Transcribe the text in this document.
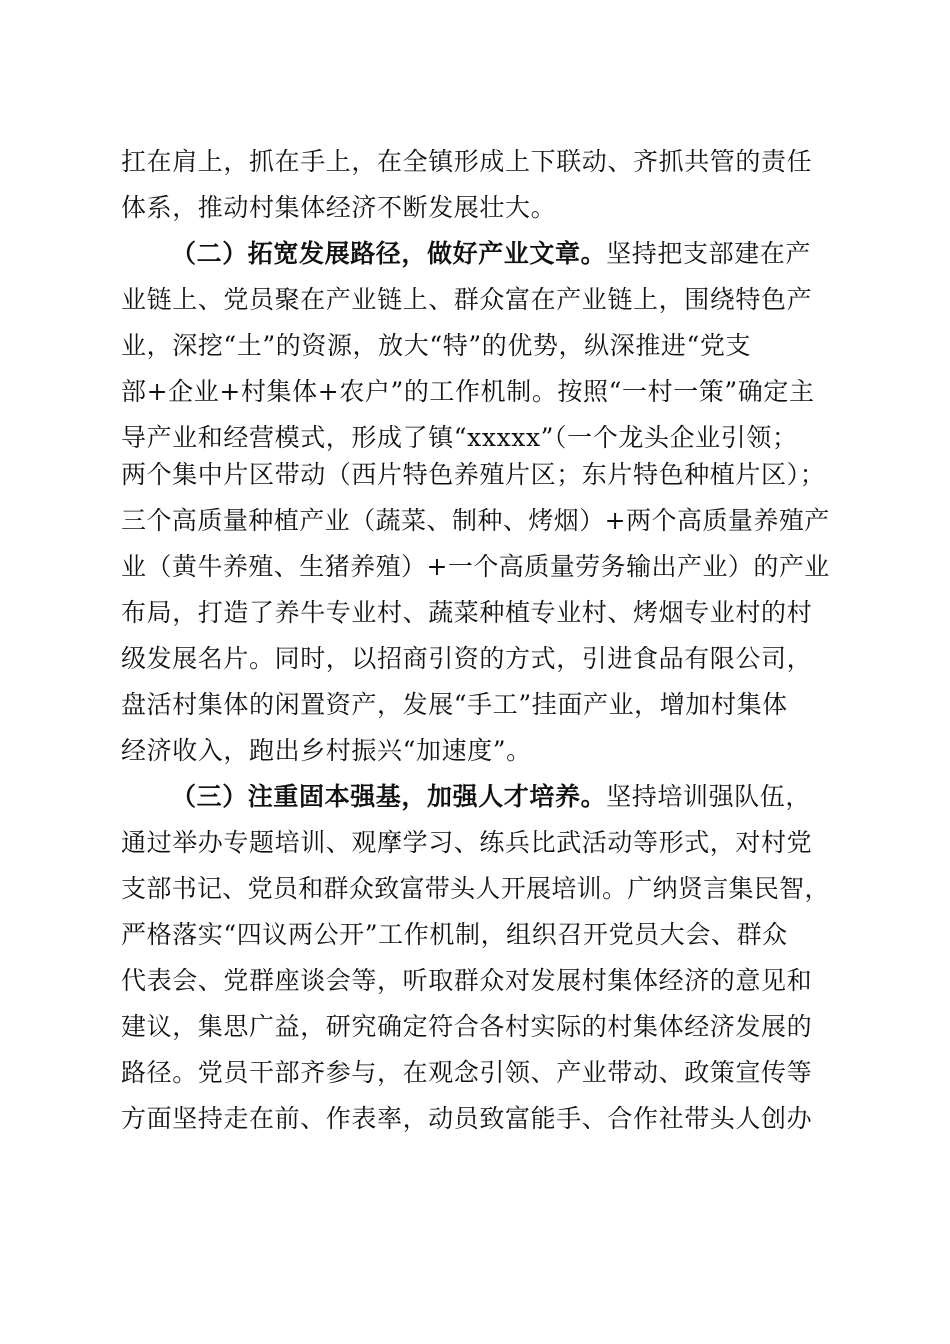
扛在肩上，抓在手上，在全镇形成上下联动、齐抓共管的责任
体系，推动村集体经济不断发展壮大。
（二）拓宽发展路径，做好产业文章。坚持把支部建在产
业链上、党员聚在产业链上、群众富在产业链上，围绕特色产
业，深挖“土”的资源，放大“特”的优势，纵深推进“党支
部+企业+村集体+农户”的工作机制。按照“一村一策”确定主
导产业和经营模式，形成了镇“xxxxx”（一个龙头企业引领；
两个集中片区带动（西片特色养殖片区；东片特色种植片区）；
三个高质量种植产业（蔬菜、制种、烤烟）+两个高质量养殖产
业（黄牛养殖、生猪养殖）+一个高质量劳务输出产业）的产业
布局，打造了养牛专业村、蔬菜种植专业村、烤烟专业村的村
级发展名片。同时，以招商引资的方式，引进食品有限公司，
盘活村集体的闲置资产，发展“手工”挂面产业，增加村集体
经济收入，跑出乡村振兴“加速度”。
（三）注重固本强基，加强人才培养。坚持培训强队伍，
通过举办专题培训、观摩学习、练兵比武活动等形式，对村党
支部书记、党员和群众致富带头人开展培训。广纳贤言集民智，
严格落实“四议两公开”工作机制，组织召开党员大会、群众
代表会、党群座谈会等，听取群众对发展村集体经济的意见和
建议，集思广益，研究确定符合各村实际的村集体经济发展的
路径。党员干部齐参与，在观念引领、产业带动、政策宣传等
方面坚持走在前、作表率，动员致富能手、合作社带头人创办
